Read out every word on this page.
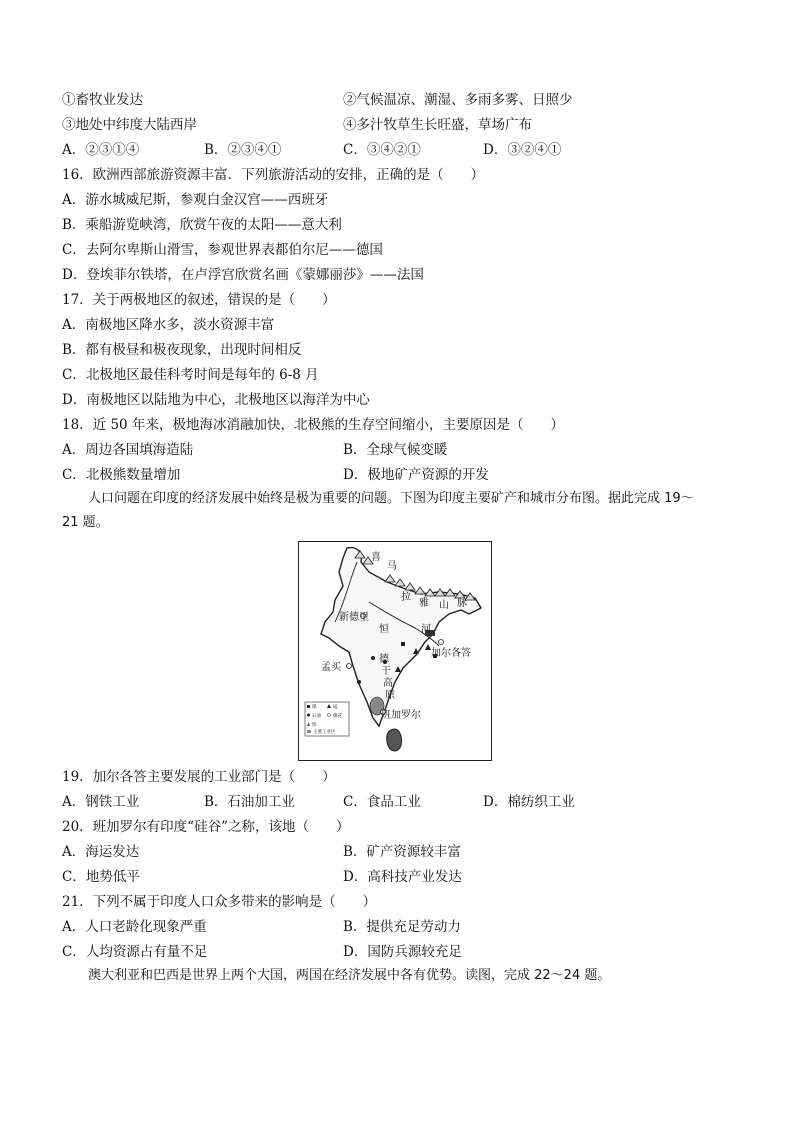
①畜牧业发达	②气候温凉、潮湿、多雨多雾、日照少
③地处中纬度大陆西岸	④多汁牧草生长旺盛，草场广布
A．②③①④	B．②③④①	C．③④②①	D．③②④①
16．欧洲西部旅游资源丰富．下列旅游活动的安排，正确的是（　　）
A．游水城威尼斯，参观白金汉宫——西班牙
B．乘船游览峡湾，欣赏午夜的太阳——意大利
C．去阿尔卑斯山滑雪，参观世界表都伯尔尼——德国
D．登埃菲尔铁塔，在卢浮宫欣赏名画《蒙娜丽莎》——法国
17．关于两极地区的叙述，错误的是（　　）
A．南极地区降水多，淡水资源丰富
B．都有极昼和极夜现象，出现时间相反
C．北极地区最佳科考时间是每年的 6-8 月
D．南极地区以陆地为中心，北极地区以海洋为中心
18．近 50 年来，极地海冰消融加快，北极熊的生存空间缩小，主要原因是（　　）
A．周边各国填海造陆	B．全球气候变暖
C．北极熊数量增加	D．极地矿产资源的开发
人口问题在印度的经济发展中始终是极为重要的问题。下图为印度主要矿产和城市分布图。据此完成 19～
21 题。
喜
马
拉
雅 山 脉
新德里
恒	河
加尔各答
孟买
德
干
高
原
班加罗尔
煤	锰
石油	棉花
铁
主要工业区
19．加尔各答主要发展的工业部门是（　　）
A．钢铁工业	B．石油加工业	C．食品工业	D．棉纺织工业
20．班加罗尔有印度“硅谷”之称，该地（　　）
A．海运发达	B．矿产资源较丰富
C．地势低平	D．高科技产业发达
21．下列不属于印度人口众多带来的影响是（　　）
A．人口老龄化现象严重	B．提供充足劳动力
C．人均资源占有量不足	D．国防兵源较充足
澳大利亚和巴西是世界上两个大国，两国在经济发展中各有优势。读图，完成 22～24 题。
